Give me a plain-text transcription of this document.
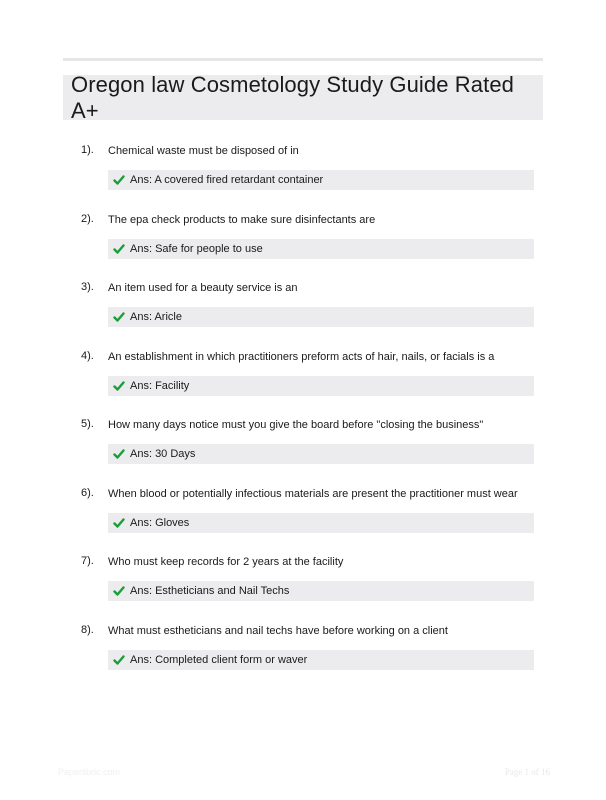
Oregon law Cosmetology Study Guide Rated A+
1). Chemical waste must be disposed of in
Ans: A covered fired retardant container
2). The epa check products to make sure disinfectants are
Ans: Safe for people to use
3). An item used for a beauty service is an
Ans: Aricle
4). An establishment in which practitioners preform acts of hair, nails, or facials is a
Ans: Facility
5). How many days notice must you give the board before "closing the business"
Ans: 30 Days
6). When blood or potentially infectious materials are present the practitioner must wear
Ans: Gloves
7). Who must keep records for 2 years at the facility
Ans: Estheticians and Nail Techs
8). What must estheticians and nail techs have before working on a client
Ans: Completed client form or waver
Paperlibric.com	Page 1 of 16
